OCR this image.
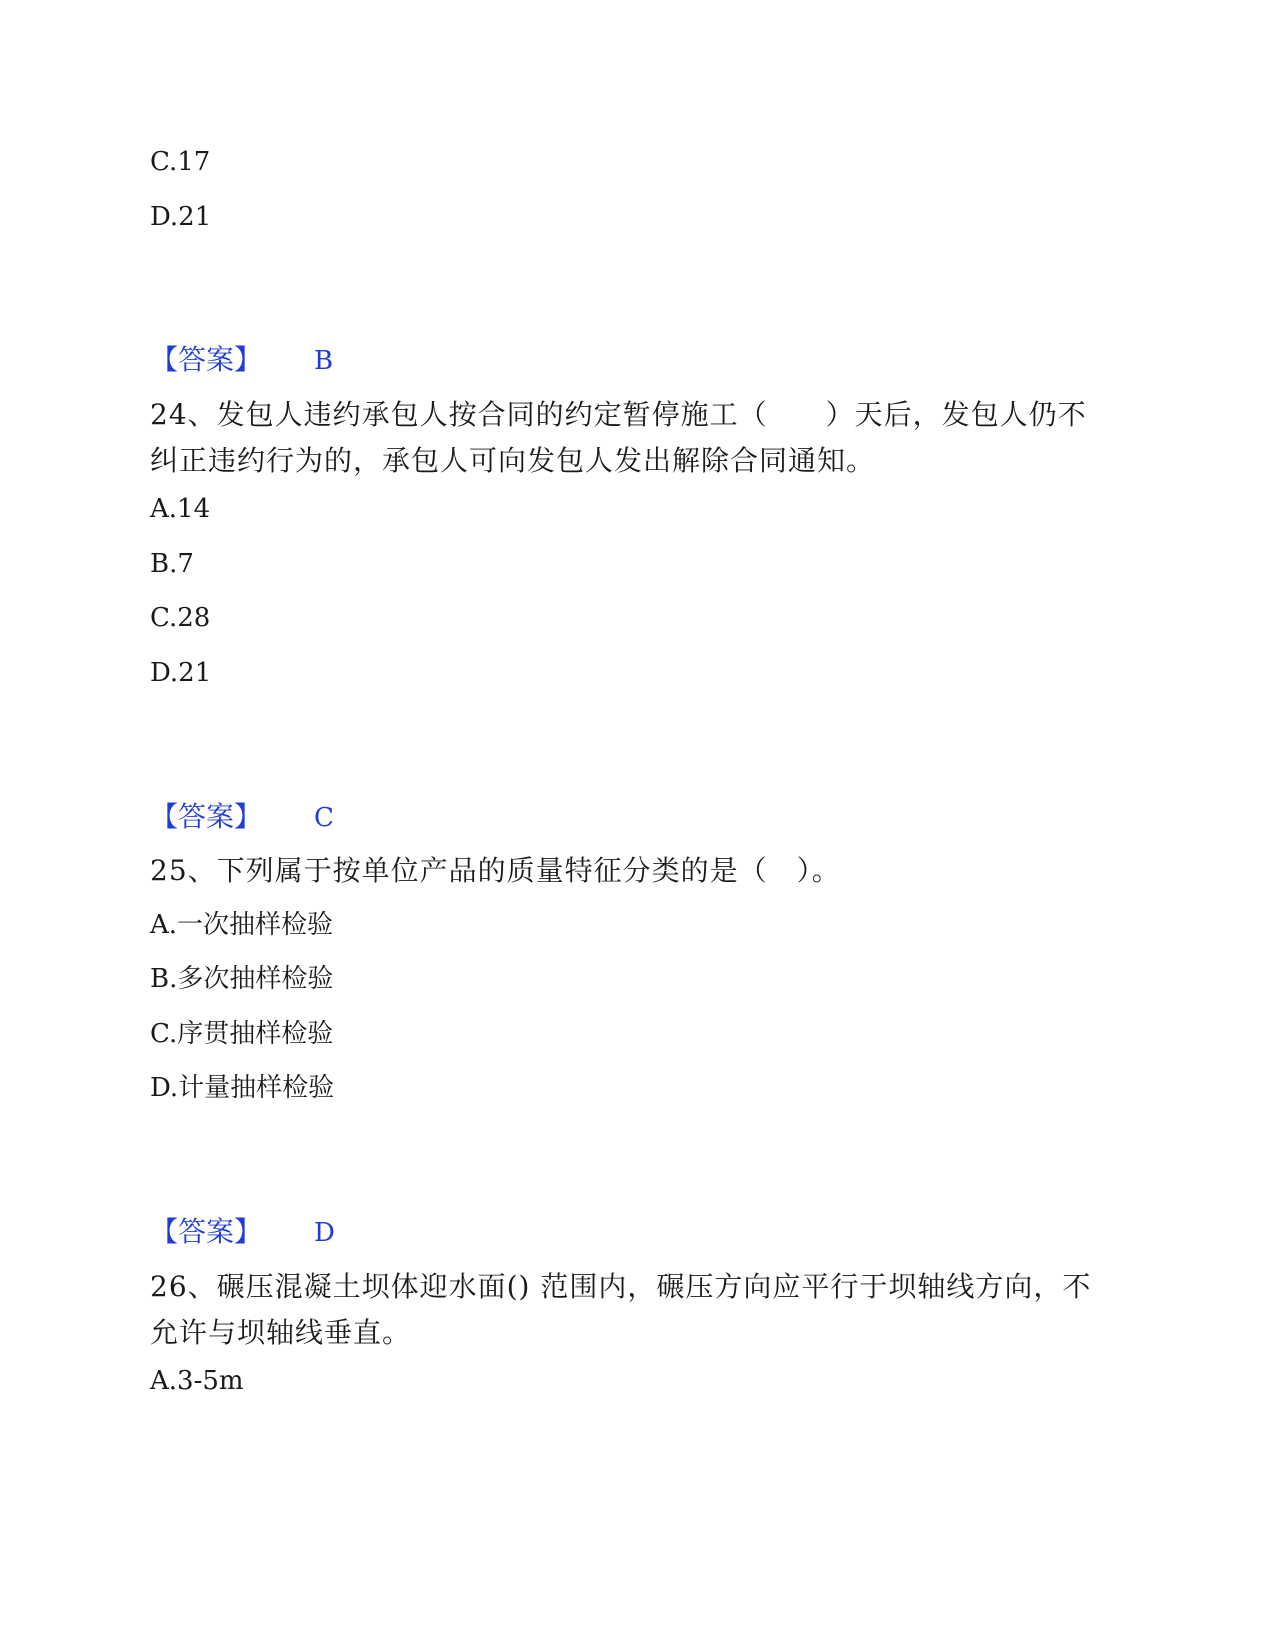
C.17
D.21
【答案】 B
24、发包人违约承包人按合同的约定暂停施工（　　）天后，发包人仍不纠正违约行为的，承包人可向发包人发出解除合同通知。
A.14
B.7
C.28
D.21
【答案】 C
25、下列属于按单位产品的质量特征分类的是（　）。
A.一次抽样检验
B.多次抽样检验
C.序贯抽样检验
D.计量抽样检验
【答案】 D
26、碾压混凝土坝体迎水面() 范围内，碾压方向应平行于坝轴线方向，不允许与坝轴线垂直。
A.3-5m
